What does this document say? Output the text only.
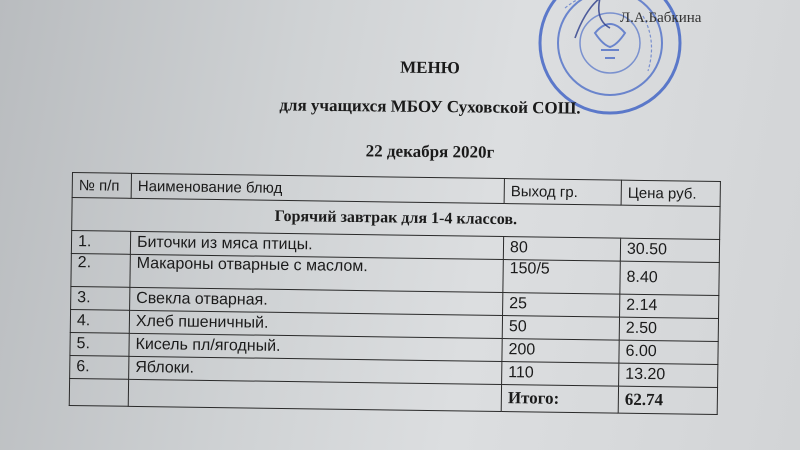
Л.А.Бабкина
МЕНЮ
для учащихся МБОУ Суховской СОШ.
22 декабря 2020г
№ п/п	Наименование блюд	Выход гр.	Цена руб.
Горячий завтрак для 1-4 классов.			
1.	Биточки из мяса птицы.	80	30.50
2.	Макароны отварные с маслом.	150/5	8.40
3.	Свекла отварная.	25	2.14
4.	Хлеб пшеничный.	50	2.50
5.	Кисель пл/ягодный.	200	6.00
6.	Яблоки.	110	13.20
		Итого:	62.74
